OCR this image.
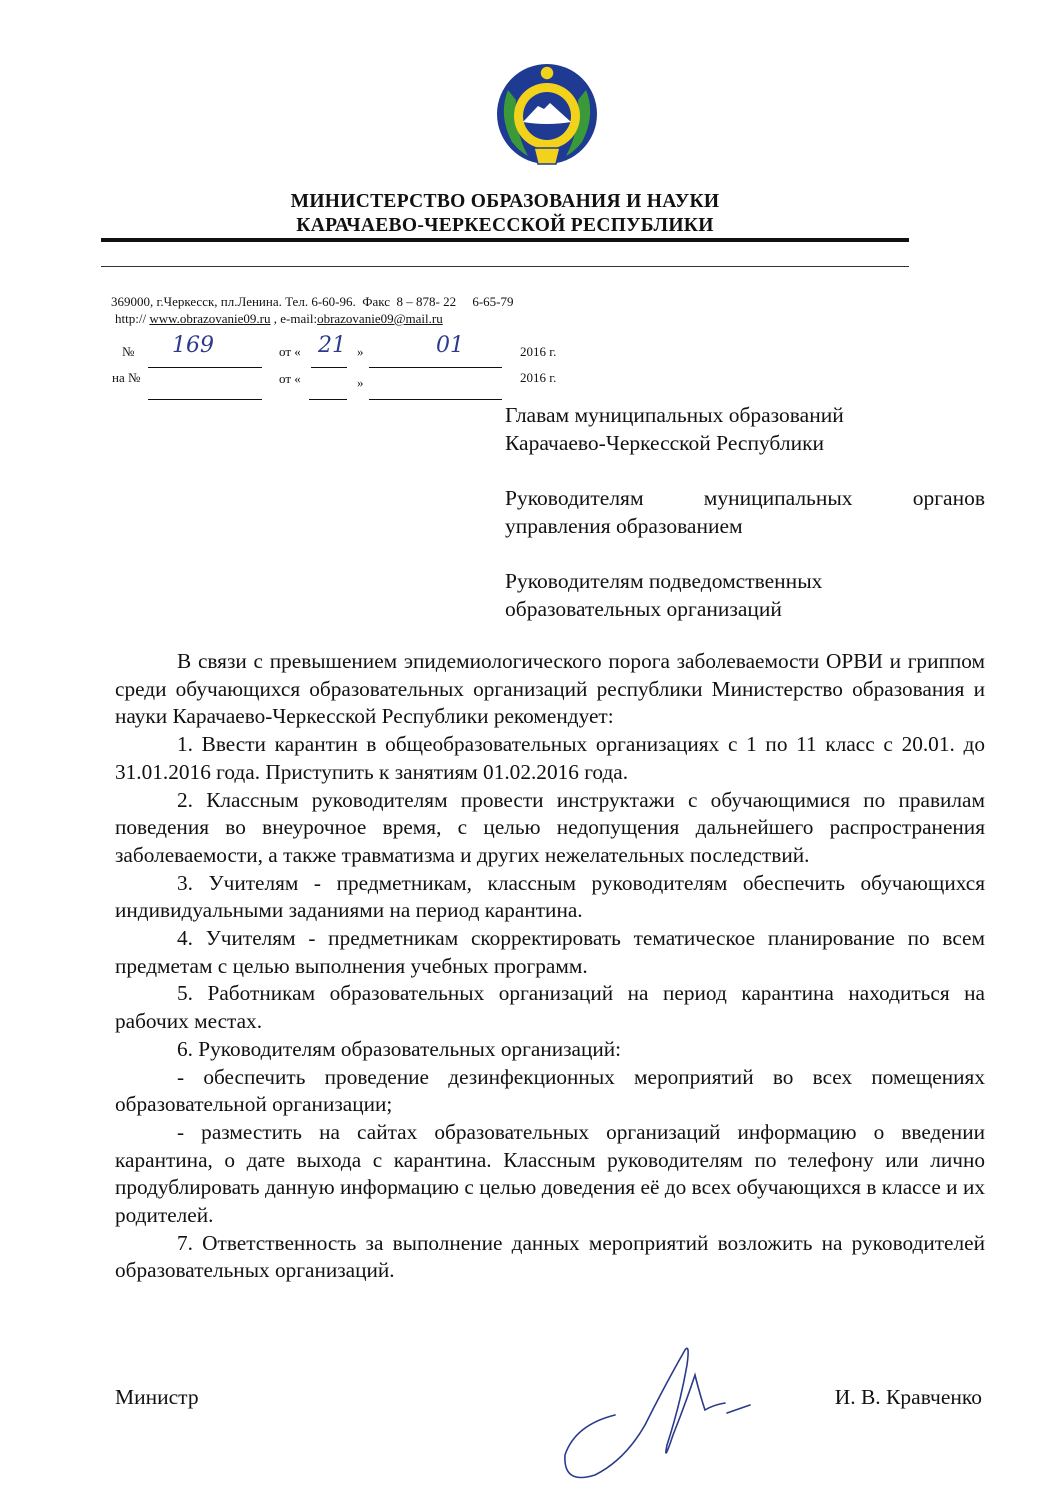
МИНИСТЕРСТВО ОБРАЗОВАНИЯ И НАУКИ
КАРАЧАЕВО-ЧЕРКЕССКОЙ РЕСПУБЛИКИ
369000, г.Черкесск, пл.Ленина. Тел. 6-60-96.  Факс  8 – 878- 22     6-65-79
http:// www.obrazovanie09.ru , e-mail:obrazovanie09@mail.ru
№ 169	от « 21 »	01	2016 г.
на №	от «	»	2016 г.

Главам муниципальных образований

Карачаево-Черкесской Республики

Руководителям муниципальных органов

управления образованием

Руководителям подведомственных

образовательных организаций

В связи с превышением эпидемиологического порога заболеваемости ОРВИ и гриппом среди обучающихся образовательных организаций республики Министерство образования и науки Карачаево-Черкесской Республики рекомендует:

1. Ввести карантин в общеобразовательных организациях с 1 по 11 класс с 20.01. до 31.01.2016 года. Приступить к занятиям 01.02.2016 года.

2. Классным руководителям провести инструктажи с обучающимися по правилам поведения во внеурочное время, с целью недопущения дальнейшего распространения заболеваемости, а также травматизма и других нежелательных последствий.

3. Учителям - предметникам, классным руководителям обеспечить обучающихся индивидуальными заданиями на период карантина.

4. Учителям - предметникам скорректировать тематическое планирование по всем предметам с целью выполнения учебных программ.

5. Работникам образовательных организаций на период карантина находиться на рабочих местах.

6. Руководителям образовательных организаций:

- обеспечить проведение дезинфекционных мероприятий во всех помещениях образовательной организации;

- разместить на сайтах образовательных организаций информацию о введении карантина, о дате выхода с карантина. Классным руководителям по телефону или лично продублировать данную информацию с целью доведения её до всех обучающихся в классе и их родителей.

7. Ответственность за выполнение данных мероприятий возложить на руководителей образовательных организаций.

Министр	И. В. Кравченко
